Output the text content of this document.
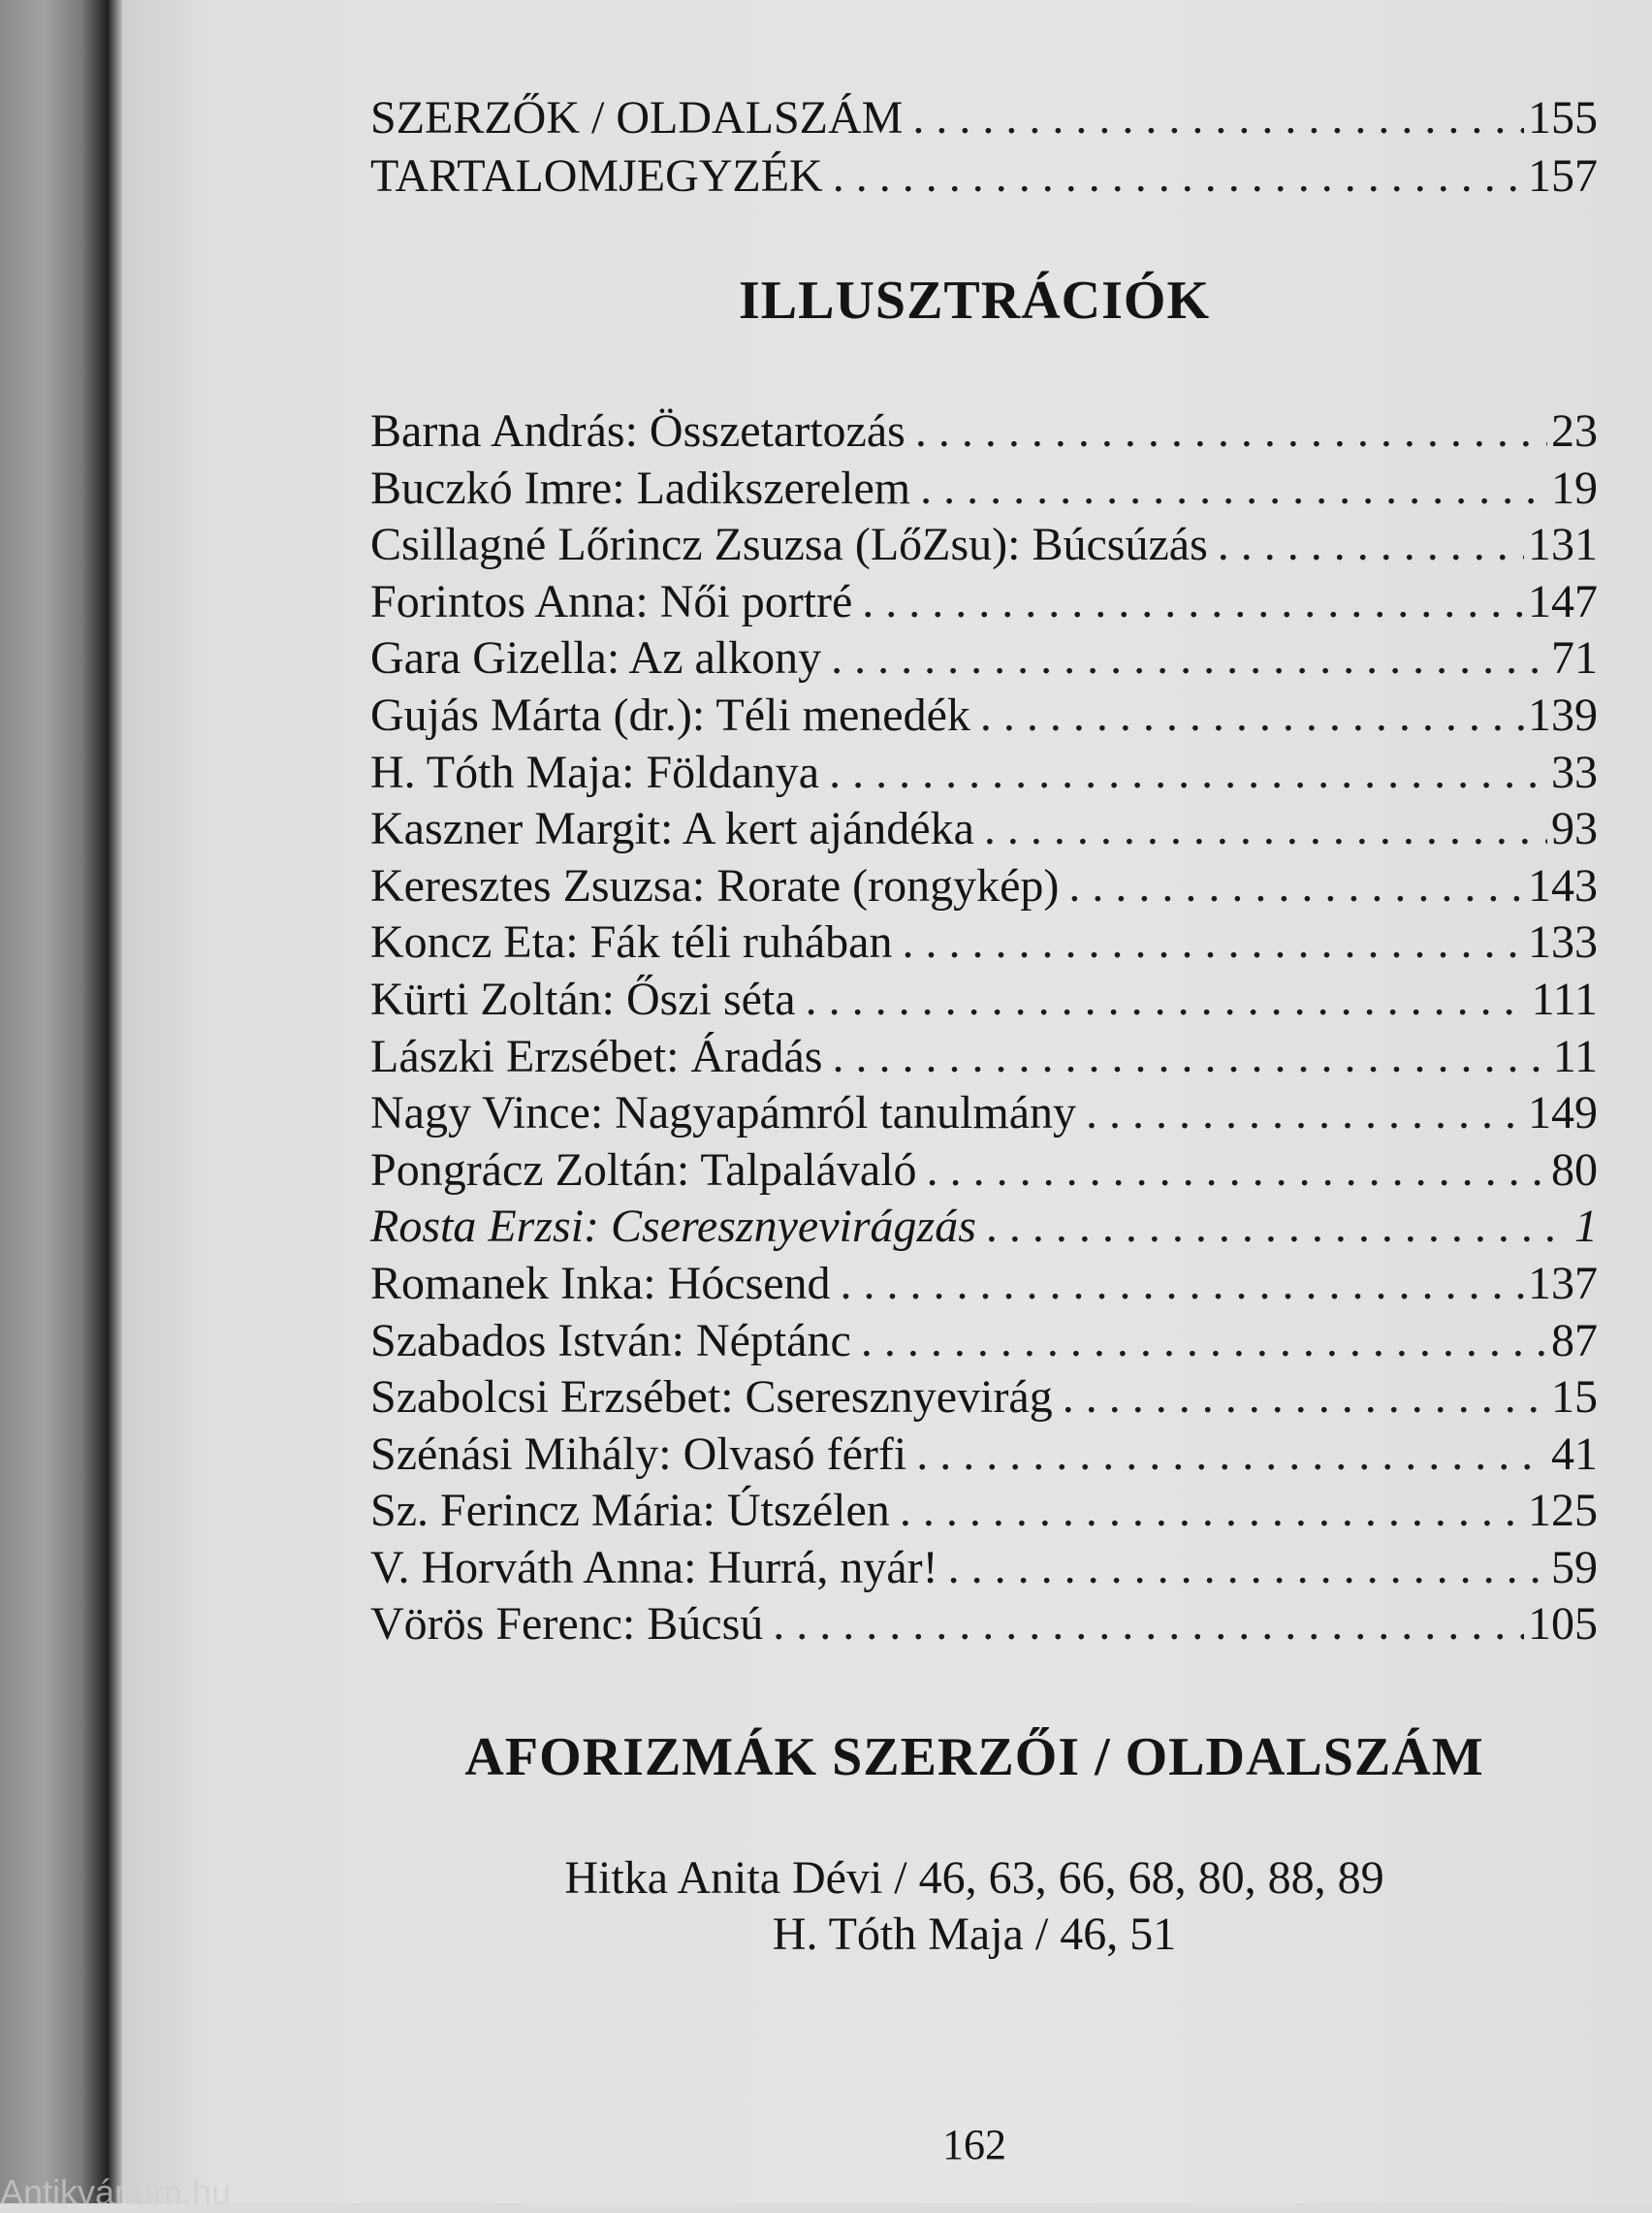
SZERZŐK / OLDALSZÁM . . .	155
TARTALOMJEGYZÉK . . .	157
ILLUSZTRÁCIÓK
Barna András: Összetartozás . . .	23
Buczkó Imre: Ladikszerelem . . .	19
Csillagné Lőrincz Zsuzsa (LőZsu): Búcsúzás . . .	131
Forintos Anna: Női portré . . .	147
Gara Gizella: Az alkony . . .	71
Gujás Márta (dr.): Téli menedék . . .	139
H. Tóth Maja: Földanya . . .	33
Kaszner Margit: A kert ajándéka . . .	93
Keresztes Zsuzsa: Rorate (rongykép) . . .	143
Koncz Eta: Fák téli ruhában . . .	133
Kürti Zoltán: Őszi séta . . .	111
Lászki Erzsébet: Áradás . . .	11
Nagy Vince: Nagyapámról tanulmány . . .	149
Pongrácz Zoltán: Talpalávaló . . .	80
Rosta Erzsi: Cseresznyevirágzás . . .	1
Romanek Inka: Hócsend . . .	137
Szabados István: Néptánc . . .	87
Szabolcsi Erzsébet: Cseresznyevirág . . .	15
Szénási Mihály: Olvasó férfi . . .	41
Sz. Ferincz Mária: Útszélen . . .	125
V. Horváth Anna: Hurrá, nyár! . . .	59
Vörös Ferenc: Búcsú . . .	105
AFORIZMÁK SZERZŐI / OLDALSZÁM
Hitka Anita Dévi / 46, 63, 66, 68, 80, 88, 89
H. Tóth Maja / 46, 51
162
Antikvárium.hu
